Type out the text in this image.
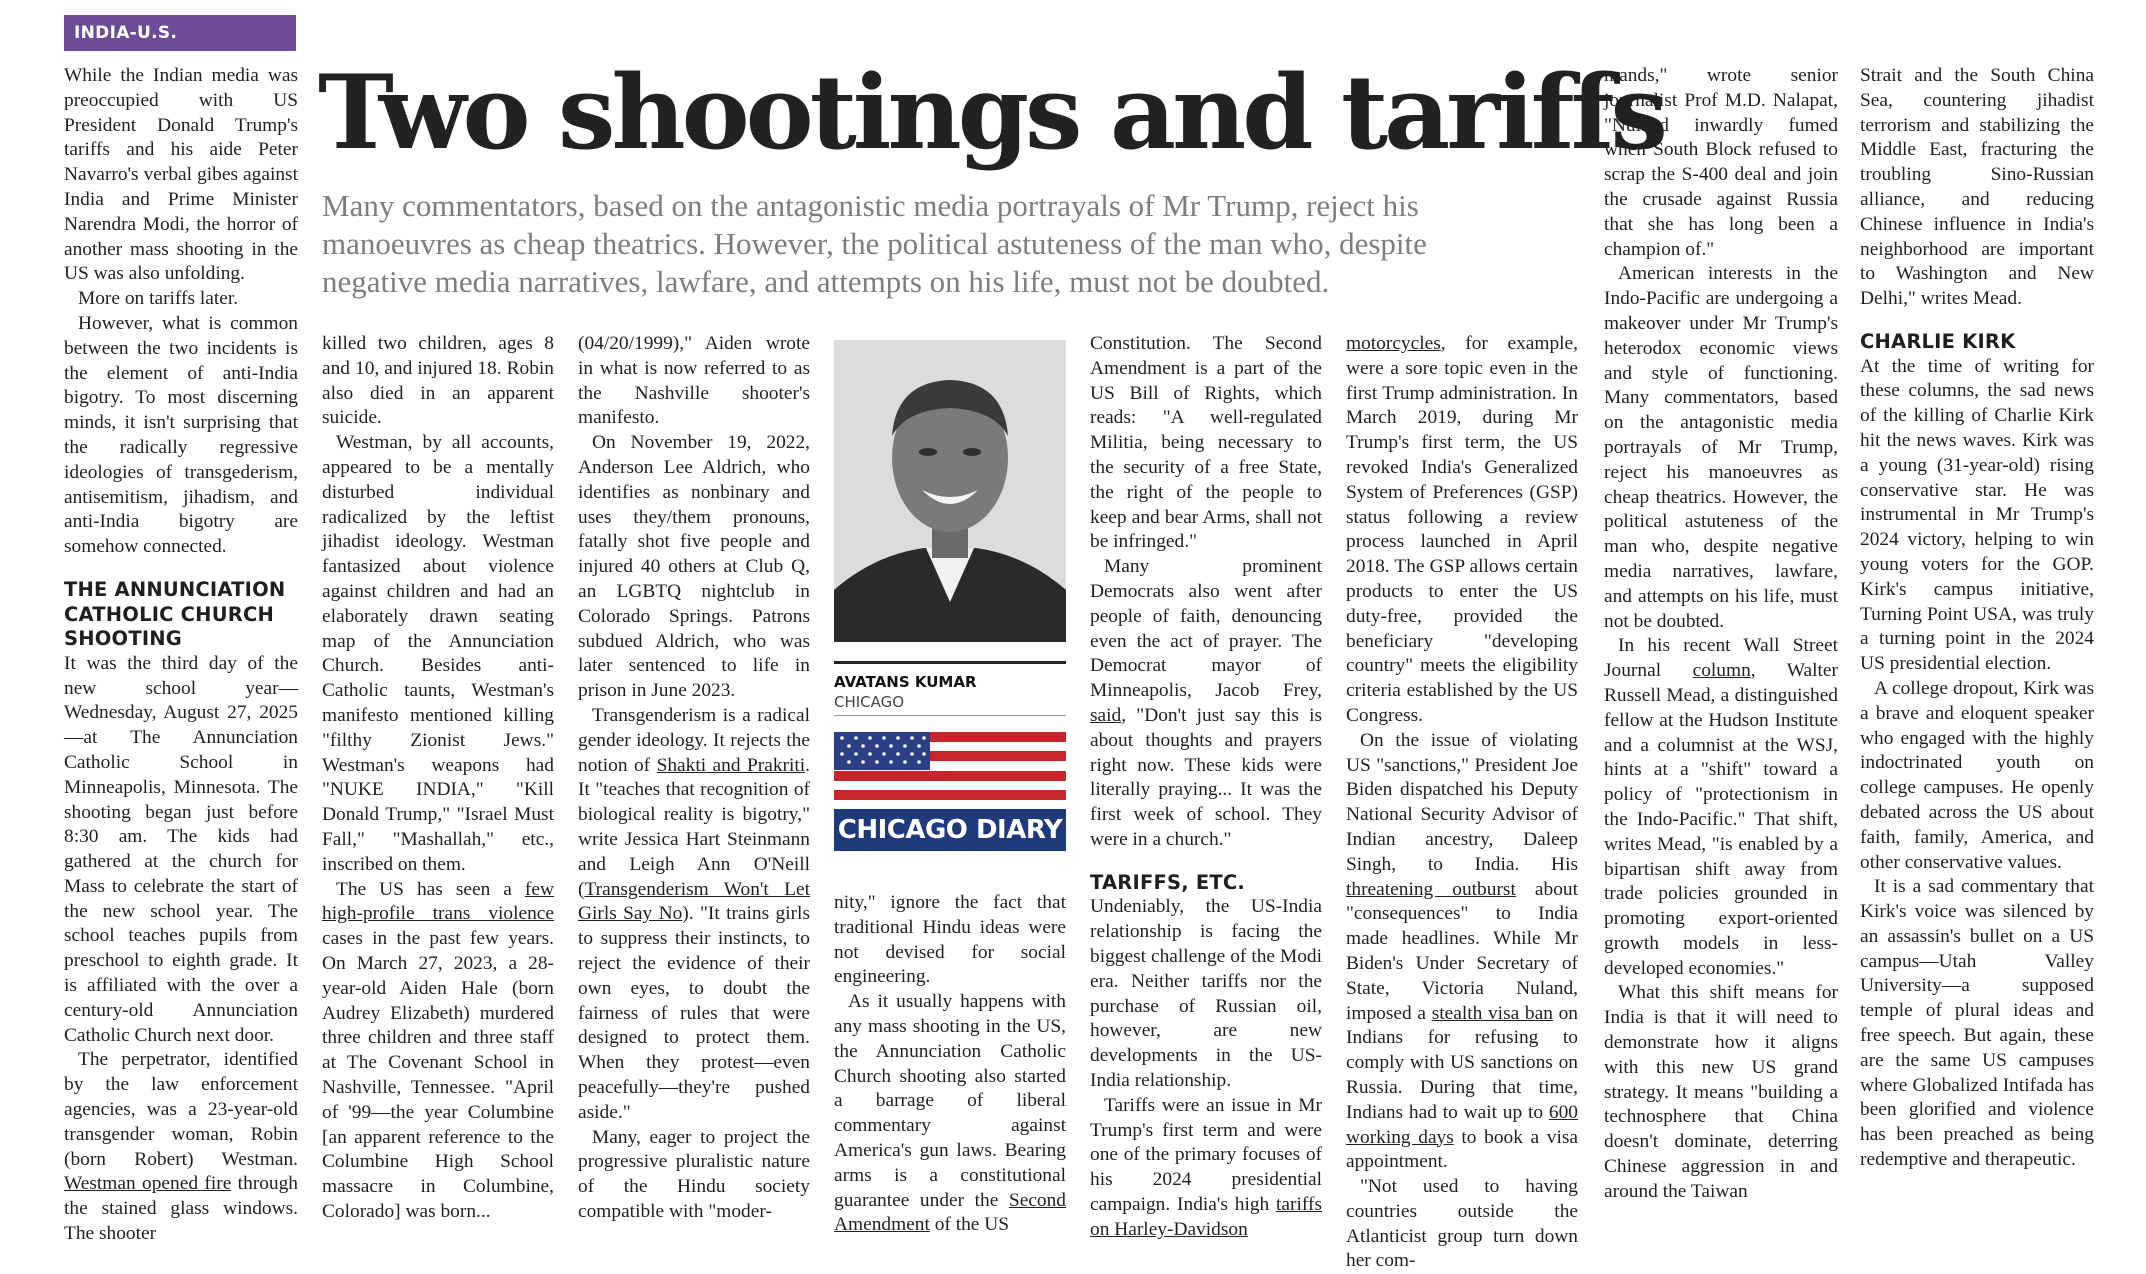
INDIA-U.S.
Two shootings and tariffs

Many commentators, based on the antagonistic media portrayals of Mr Trump, reject his manoeuvres as cheap theatrics. However, the political astuteness of the man who, despite negative media narratives, lawfare, and attempts on his life, must not be doubted.

While the Indian media was preoccupied with US President Donald Trump's tariffs and his aide Peter Navarro's verbal gibes against India and Prime Minister Narendra Modi, the horror of another mass shooting in the US was also unfolding.

More on tariffs later.

However, what is common between the two incidents is the element of anti-India bigotry. To most discerning minds, it isn't surprising that the radically regressive ideologies of transgederism, antisemitism, jihadism, and anti-India bigotry are somehow connected.

THE ANNUNCIATION CATHOLIC CHURCH SHOOTING

It was the third day of the new school year—Wednesday, August 27, 2025—at The Annunciation Catholic School in Minneapolis, Minnesota. The shooting began just before 8:30 am. The kids had gathered at the church for Mass to celebrate the start of the new school year. The school teaches pupils from preschool to eighth grade. It is affiliated with the over a century-old Annunciation Catholic Church next door.

The perpetrator, identified by the law enforcement agencies, was a 23-year-old transgender woman, Robin (born Robert) Westman. Westman opened fire through the stained glass windows. The shooter

killed two children, ages 8 and 10, and injured 18. Robin also died in an apparent suicide.

Westman, by all accounts, appeared to be a mentally disturbed individual radicalized by the leftist jihadist ideology. Westman fantasized about violence against children and had an elaborately drawn seating map of the Annunciation Church. Besides anti-Catholic taunts, Westman's manifesto mentioned killing "filthy Zionist Jews." Westman's weapons had "NUKE INDIA," "Kill Donald Trump," "Israel Must Fall," "Mashallah," etc., inscribed on them.

The US has seen a few high-profile trans violence cases in the past few years. On March 27, 2023, a 28-year-old Aiden Hale (born Audrey Elizabeth) murdered three children and three staff at The Covenant School in Nashville, Tennessee. "April of '99—the year Columbine [an apparent reference to the Columbine High School massacre in Columbine, Colorado] was born...

(04/20/1999)," Aiden wrote in what is now referred to as the Nashville shooter's manifesto.

On November 19, 2022, Anderson Lee Aldrich, who identifies as nonbinary and uses they/them pronouns, fatally shot five people and injured 40 others at Club Q, an LGBTQ nightclub in Colorado Springs. Patrons subdued Aldrich, who was later sentenced to life in prison in June 2023.

Transgenderism is a radical gender ideology. It rejects the notion of Shakti and Prakriti. It "teaches that recognition of biological reality is bigotry," write Jessica Hart Steinmann and Leigh Ann O'Neill (Transgenderism Won't Let Girls Say No). "It trains girls to suppress their instincts, to reject the evidence of their own eyes, to doubt the fairness of rules that were designed to protect them. When they protest—even peacefully—they're pushed aside."

Many, eager to project the progressive pluralistic nature of the Hindu society compatible with "moder-

AVATANS KUMAR
CHICAGO
CHICAGO DIARY

nity," ignore the fact that traditional Hindu ideas were not devised for social engineering.

As it usually happens with any mass shooting in the US, the Annunciation Catholic Church shooting also started a barrage of liberal commentary against America's gun laws. Bearing arms is a constitutional guarantee under the Second Amendment of the US

Constitution. The Second Amendment is a part of the US Bill of Rights, which reads: "A well-regulated Militia, being necessary to the security of a free State, the right of the people to keep and bear Arms, shall not be infringed."

Many prominent Democrats also went after people of faith, denouncing even the act of prayer. The Democrat mayor of Minneapolis, Jacob Frey, said, "Don't just say this is about thoughts and prayers right now. These kids were literally praying... It was the first week of school. They were in a church."

TARIFFS, ETC.

Undeniably, the US-India relationship is facing the biggest challenge of the Modi era. Neither tariffs nor the purchase of Russian oil, however, are new developments in the US-India relationship.

Tariffs were an issue in Mr Trump's first term and were one of the primary focuses of his 2024 presidential campaign. India's high tariffs on Harley-Davidson

motorcycles, for example, were a sore topic even in the first Trump administration. In March 2019, during Mr Trump's first term, the US revoked India's Generalized System of Preferences (GSP) status following a review process launched in April 2018. The GSP allows certain products to enter the US duty-free, provided the beneficiary "developing country" meets the eligibility criteria established by the US Congress.

On the issue of violating US "sanctions," President Joe Biden dispatched his Deputy National Security Advisor of Indian ancestry, Daleep Singh, to India. His threatening outburst about "consequences" to India made headlines. While Mr Biden's Under Secretary of State, Victoria Nuland, imposed a stealth visa ban on Indians for refusing to comply with US sanctions on Russia. During that time, Indians had to wait up to 600 working days to book a visa appointment.

"Not used to having countries outside the Atlanticist group turn down her com-

mands," wrote senior journalist Prof M.D. Nalapat, "Nuland inwardly fumed when South Block refused to scrap the S-400 deal and join the crusade against Russia that she has long been a champion of."

American interests in the Indo-Pacific are undergoing a makeover under Mr Trump's heterodox economic views and style of functioning. Many commentators, based on the antagonistic media portrayals of Mr Trump, reject his manoeuvres as cheap theatrics. However, the political astuteness of the man who, despite negative media narratives, lawfare, and attempts on his life, must not be doubted.

In his recent Wall Street Journal column, Walter Russell Mead, a distinguished fellow at the Hudson Institute and a columnist at the WSJ, hints at a "shift" toward a policy of "protectionism in the Indo-Pacific." That shift, writes Mead, "is enabled by a bipartisan shift away from trade policies grounded in promoting export-oriented growth models in less-developed economies."

What this shift means for India is that it will need to demonstrate how it aligns with this new US grand strategy. It means "building a technosphere that China doesn't dominate, deterring Chinese aggression in and around the Taiwan

Strait and the South China Sea, countering jihadist terrorism and stabilizing the Middle East, fracturing the troubling Sino-Russian alliance, and reducing Chinese influence in India's neighborhood are important to Washington and New Delhi," writes Mead.

CHARLIE KIRK

At the time of writing for these columns, the sad news of the killing of Charlie Kirk hit the news waves. Kirk was a young (31-year-old) rising conservative star. He was instrumental in Mr Trump's 2024 victory, helping to win young voters for the GOP. Kirk's campus initiative, Turning Point USA, was truly a turning point in the 2024 US presidential election.

A college dropout, Kirk was a brave and eloquent speaker who engaged with the highly indoctrinated youth on college campuses. He openly debated across the US about faith, family, America, and other conservative values.

It is a sad commentary that Kirk's voice was silenced by an assassin's bullet on a US campus—Utah Valley University—a supposed temple of plural ideas and free speech. But again, these are the same US campuses where Globalized Intifada has been glorified and violence has been preached as being redemptive and therapeutic.
